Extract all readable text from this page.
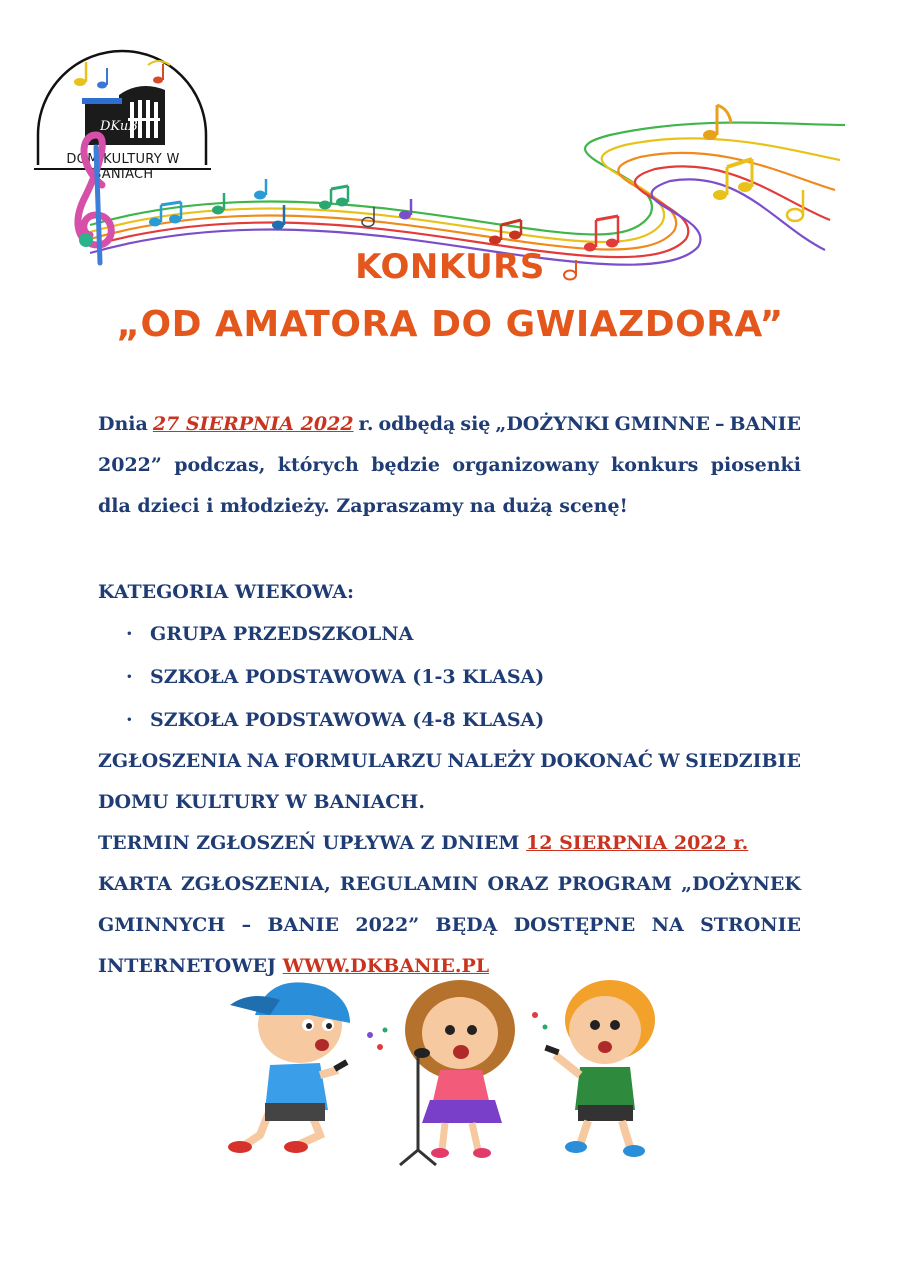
DKuB
DOM KULTURY W BANIACH
KONKURS
„OD AMATORA DO GWIAZDORA”
Dnia 27 SIERPNIA 2022 r. odbędą się „DOŻYNKI GMINNE – BANIE
2022” podczas, których będzie organizowany konkurs piosenki
dla dzieci i młodzieży. Zapraszamy na dużą scenę!
KATEGORIA WIEKOWA:
· GRUPA PRZEDSZKOLNA
· SZKOŁA PODSTAWOWA (1-3 KLASA)
· SZKOŁA PODSTAWOWA (4-8 KLASA)
ZGŁOSZENIA NA FORMULARZU NALEŻY DOKONAĆ W SIEDZIBIE
DOMU KULTURY W BANIACH.
TERMIN ZGŁOSZEŃ UPŁYWA Z DNIEM 12 SIERPNIA 2022 r.
KARTA ZGŁOSZENIA, REGULAMIN ORAZ PROGRAM „DOŻYNEK
GMINNYCH – BANIE 2022” BĘDĄ DOSTĘPNE NA STRONIE
INTERNETOWEJ WWW.DKBANIE.PL
